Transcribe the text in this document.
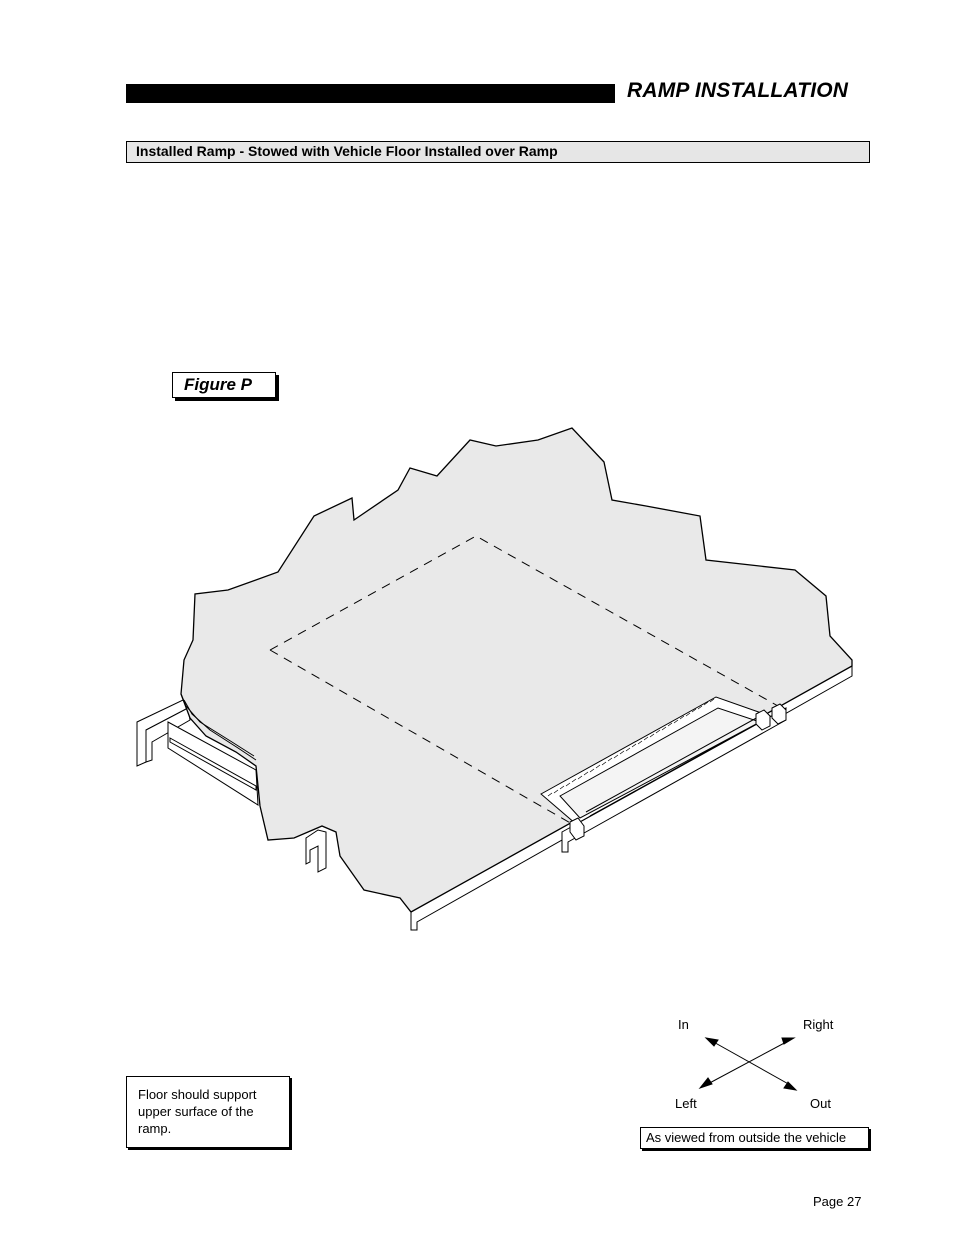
RAMP INSTALLATION
Installed Ramp - Stowed with Vehicle Floor Installed over Ramp
Figure P
Floor should support upper surface of the ramp.
In	Right
Left	Out
As viewed from outside the vehicle
Page 27
